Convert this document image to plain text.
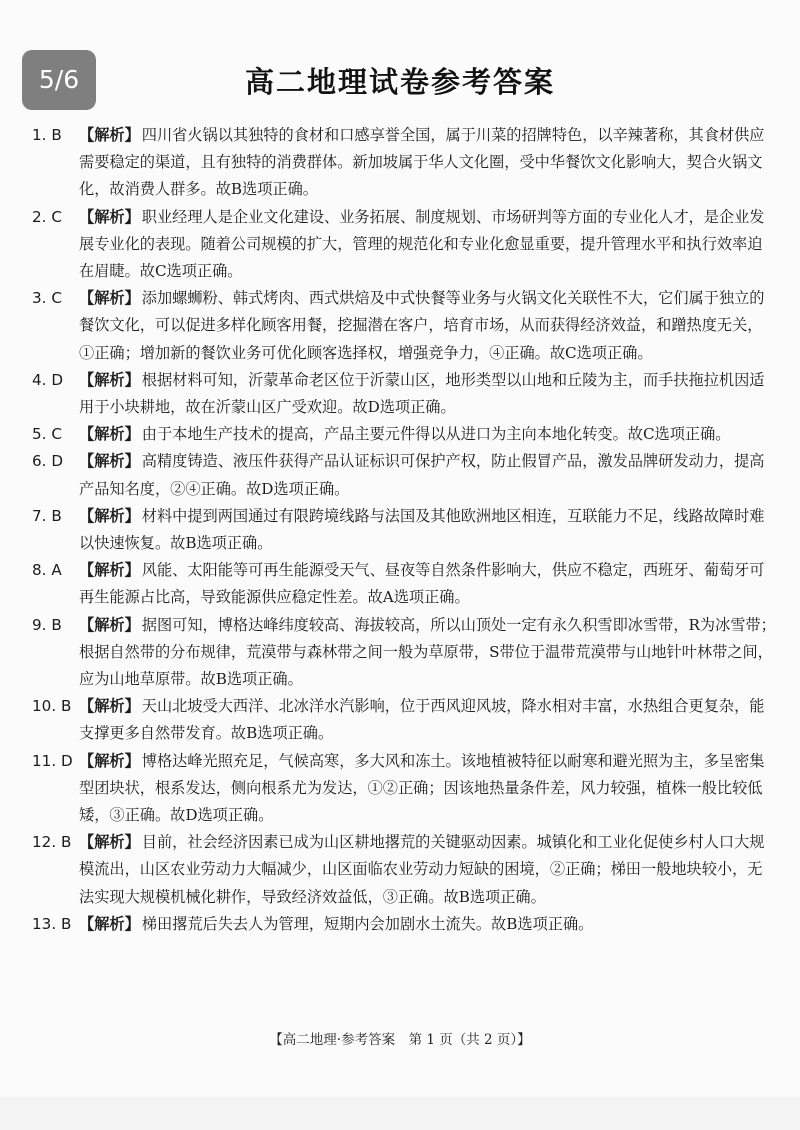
5/6	高二地理试卷参考答案
1. B 【解析】 四川省火锅以其独特的食材和口感享誉全国，属于川菜的招牌特色，以辛辣著称，其食材供应需要稳定的渠道，且有独特的消费群体。新加坡属于华人文化圈，受中华餐饮文化影响大，契合火锅文化，故消费人群多。故B选项正确。
2. C 【解析】 职业经理人是企业文化建设、业务拓展、制度规划、市场研判等方面的专业化人才，是企业发展专业化的表现。随着公司规模的扩大，管理的规范化和专业化愈显重要，提升管理水平和执行效率迫在眉睫。故C选项正确。
3. C 【解析】 添加螺蛳粉、韩式烤肉、西式烘焙及中式快餐等业务与火锅文化关联性不大，它们属于独立的餐饮文化，可以促进多样化顾客用餐，挖掘潜在客户，培育市场，从而获得经济效益，和蹭热度无关，①正确；增加新的餐饮业务可优化顾客选择权，增强竞争力，④正确。故C选项正确。
4. D 【解析】 根据材料可知，沂蒙革命老区位于沂蒙山区，地形类型以山地和丘陵为主，而手扶拖拉机因适用于小块耕地，故在沂蒙山区广受欢迎。故D选项正确。
5. C 【解析】 由于本地生产技术的提高，产品主要元件得以从进口为主向本地化转变。故C选项正确。
6. D 【解析】 高精度铸造、液压件获得产品认证标识可保护产权，防止假冒产品，激发品牌研发动力，提高产品知名度，②④正确。故D选项正确。
7. B 【解析】 材料中提到两国通过有限跨境线路与法国及其他欧洲地区相连，互联能力不足，线路故障时难以快速恢复。故B选项正确。
8. A 【解析】 风能、太阳能等可再生能源受天气、昼夜等自然条件影响大，供应不稳定，西班牙、葡萄牙可再生能源占比高，导致能源供应稳定性差。故A选项正确。
9. B 【解析】 据图可知，博格达峰纬度较高、海拔较高，所以山顶处一定有永久积雪即冰雪带，R为冰雪带；根据自然带的分布规律，荒漠带与森林带之间一般为草原带，S带位于温带荒漠带与山地针叶林带之间，应为山地草原带。故B选项正确。
10. B 【解析】 天山北坡受大西洋、北冰洋水汽影响，位于西风迎风坡，降水相对丰富，水热组合更复杂，能支撑更多自然带发育。故B选项正确。
11. D 【解析】 博格达峰光照充足，气候高寒，多大风和冻土。该地植被特征以耐寒和避光照为主，多呈密集型团块状，根系发达，侧向根系尤为发达，①②正确；因该地热量条件差，风力较强，植株一般比较低矮，③正确。故D选项正确。
12. B 【解析】 目前，社会经济因素已成为山区耕地撂荒的关键驱动因素。城镇化和工业化促使乡村人口大规模流出，山区农业劳动力大幅减少，山区面临农业劳动力短缺的困境，②正确；梯田一般地块较小，无法实现大规模机械化耕作，导致经济效益低，③正确。故B选项正确。
13. B 【解析】 梯田撂荒后失去人为管理，短期内会加剧水土流失。故B选项正确。
【高二地理·参考答案　第 1 页（共 2 页）】
